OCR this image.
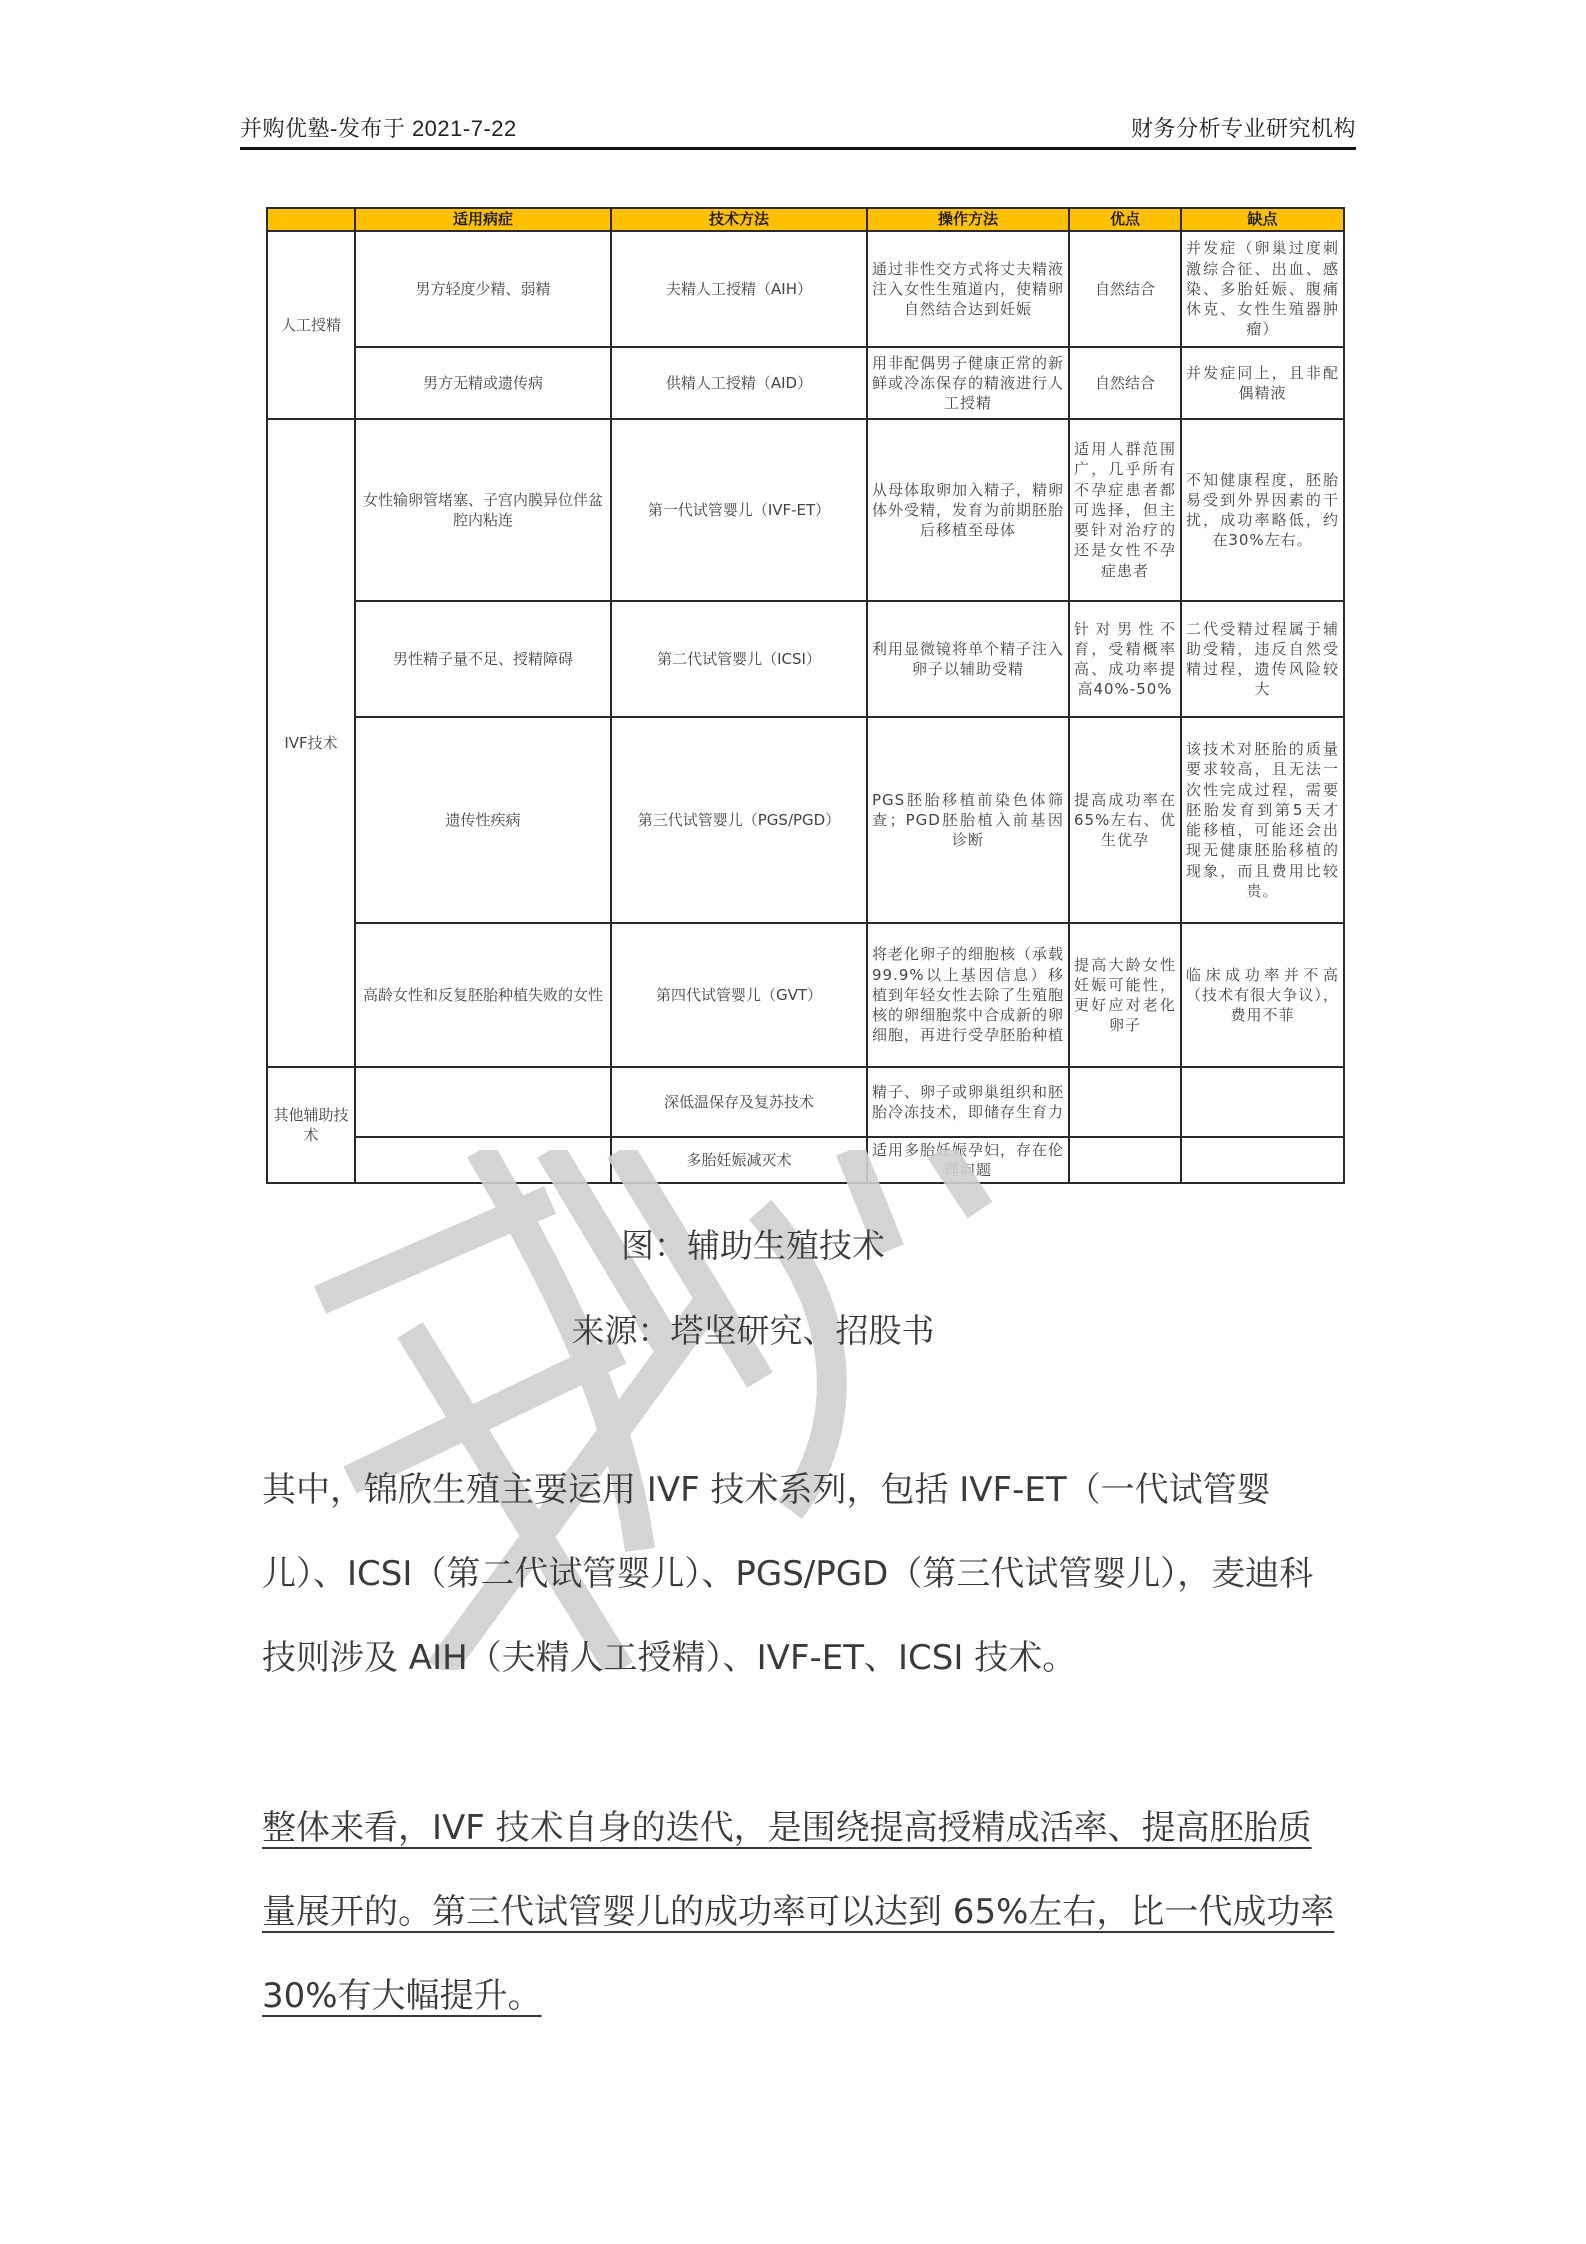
并购优塾-发布于 2021-7-22	财务分析专业研究机构
	适用病症	技术方法	操作方法	优点	缺点
人工授精	男方轻度少精、弱精	夫精人工授精（AIH）	通过非性交方式将丈夫精液注入女性生殖道内，使精卵自然结合达到妊娠	自然结合	并发症（卵巢过度刺激综合征、出血、感染、多胎妊娠、腹痛休克、女性生殖器肿瘤）
	男方无精或遗传病	供精人工授精（AID）	用非配偶男子健康正常的新鲜或冷冻保存的精液进行人工授精	自然结合	并发症同上，且非配偶精液
IVF技术	女性输卵管堵塞、子宫内膜异位伴盆腔内粘连	第一代试管婴儿（IVF-ET）	从母体取卵加入精子，精卵体外受精，发育为前期胚胎后移植至母体	适用人群范围广，几乎所有不孕症患者都可选择，但主要针对治疗的还是女性不孕症患者	不知健康程度，胚胎易受到外界因素的干扰，成功率略低，约在30%左右。
	男性精子量不足、授精障碍	第二代试管婴儿（ICSI）	利用显微镜将单个精子注入卵子以辅助受精	针对男性不育，受精概率高、成功率提高40%-50%	二代受精过程属于辅助受精，违反自然受精过程，遗传风险较大
	遗传性疾病	第三代试管婴儿（PGS/PGD）	PGS胚胎移植前染色体筛查；PGD胚胎植入前基因诊断	提高成功率在65%左右、优生优孕	该技术对胚胎的质量要求较高，且无法一次性完成过程，需要胚胎发育到第5天才能移植，可能还会出现无健康胚胎移植的现象，而且费用比较贵。
	高龄女性和反复胚胎种植失败的女性	第四代试管婴儿（GVT）	将老化卵子的细胞核（承载99.9%以上基因信息）移植到年轻女性去除了生殖胞核的卵细胞浆中合成新的卵细胞，再进行受孕胚胎种植	提高大龄女性妊娠可能性，更好应对老化卵子	临床成功率并不高（技术有很大争议），费用不菲
其他辅助技术		深低温保存及复苏技术	精子、卵子或卵巢组织和胚胎冷冻技术，即储存生育力		
		多胎妊娠减灭术	适用多胎妊娠孕妇，存在伦理问题		
图：辅助生殖技术
来源：塔坚研究、招股书
其中，锦欣生殖主要运用 IVF 技术系列，包括 IVF-ET（一代试管婴儿）、ICSI（第二代试管婴儿）、PGS/PGD（第三代试管婴儿），麦迪科技则涉及 AIH（夫精人工授精）、IVF-ET、ICSI 技术。
整体来看，IVF 技术自身的迭代，是围绕提高授精成活率、提高胚胎质量展开的。第三代试管婴儿的成功率可以达到 65%左右，比一代成功率 30%有大幅提升。
